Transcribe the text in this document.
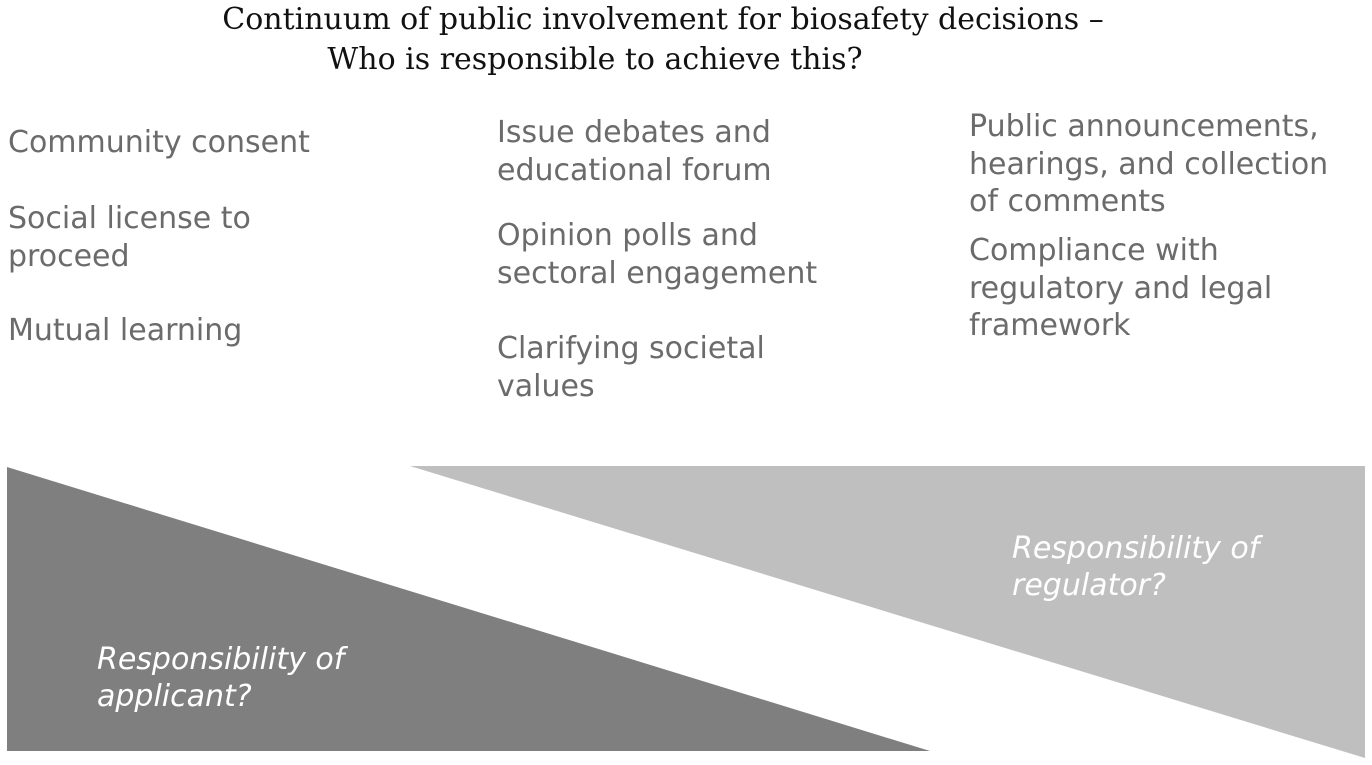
Continuum of public involvement for biosafety decisions –
Who is responsible to achieve this?
Community consent
Social license to
proceed
Mutual learning
Issue debates and
educational forum
Opinion polls and
sectoral engagement
Clarifying societal
values
Public announcements,
hearings, and collection
of comments
Compliance with
regulatory and legal
framework
Responsibility of
applicant?
Responsibility of
regulator?
